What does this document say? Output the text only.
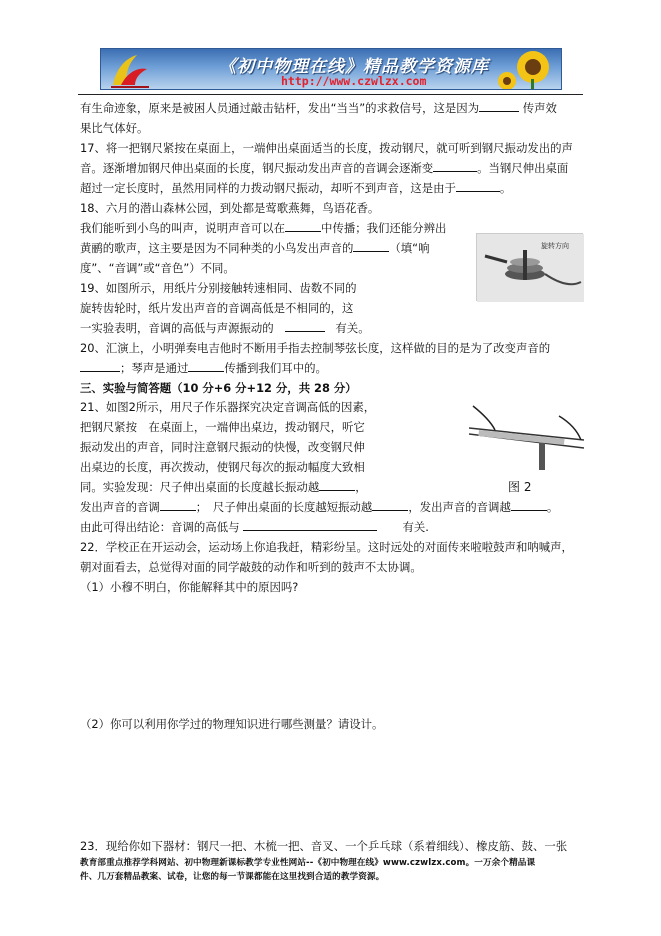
《初中物理在线》精品教学资源库
http://www.czwlzx.com
有生命迹象，原来是被困人员通过敲击钻杆，发出“当当”的求救信号，这是因为	传声效
果比气体好。
17、将一把钢尺紧按在桌面上，一端伸出桌面适当的长度，拨动钢尺，就可听到钢尺振动发出的声
音。逐渐增加钢尺伸出桌面的长度，钢尺振动发出声音的音调会逐渐变	。当钢尺伸出桌面
超过一定长度时，虽然用同样的力拨动钢尺振动，却听不到声音，这是由于	。
18、六月的潜山森林公园，到处都是莺歌燕舞，鸟语花香。
我们能听到小鸟的叫声，说明声音可以在	中传播；我们还能分辨出
黄鹂的歌声，这主要是因为不同种类的小鸟发出声音的	（填“响
度”、“音调”或“音色”）不同。
旋转方向
19、如图所示，用纸片分别接触转速相同、齿数不同的
旋转齿轮时，纸片发出声音的音调高低是不相同的，这
一实验表明，音调的高低与声源振动的	有关。
20、汇演上，小明弹奏电吉他时不断用手指去控制琴弦长度，这样做的目的是为了改变声音的
；琴声是通过	传播到我们耳中的。
三、实验与简答题（10 分+6 分+12 分，共 28 分）
图 2
21、如图2所示，用尺子作乐器探究决定音调高低的因素，
把钢尺紧按　在桌面上，一端伸出桌边，拨动钢尺，听它
振动发出的声音，同时注意钢尺振动的快慢，改变钢尺伸
出桌边的长度，再次拨动，使钢尺每次的振动幅度大致相
同。实验发现：尺子伸出桌面的长度越长振动越	，
发出声音的音调	；　尺子伸出桌面的长度越短振动越	，发出声音的音调越	。
由此可得出结论：音调的高低与	有关.
22．学校正在开运动会，运动场上你追我赶，精彩纷呈。这时远处的对面传来啦啦鼓声和呐喊声，
朝对面看去，总觉得对面的同学敲鼓的动作和听到的鼓声不太协调。
（1）小穆不明白，你能解释其中的原因吗?
（2）你可以利用你学过的物理知识进行哪些测量？请设计。
23．现给你如下器材：钢尺一把、木梳一把、音叉、一个乒乓球（系着细线）、橡皮筋、鼓、一张
教育部重点推荐学科网站、初中物理新课标教学专业性网站--《初中物理在线》www.czwlzx.com。一万余个精品课
件、几万套精品教案、试卷，让您的每一节课都能在这里找到合适的教学资源。
